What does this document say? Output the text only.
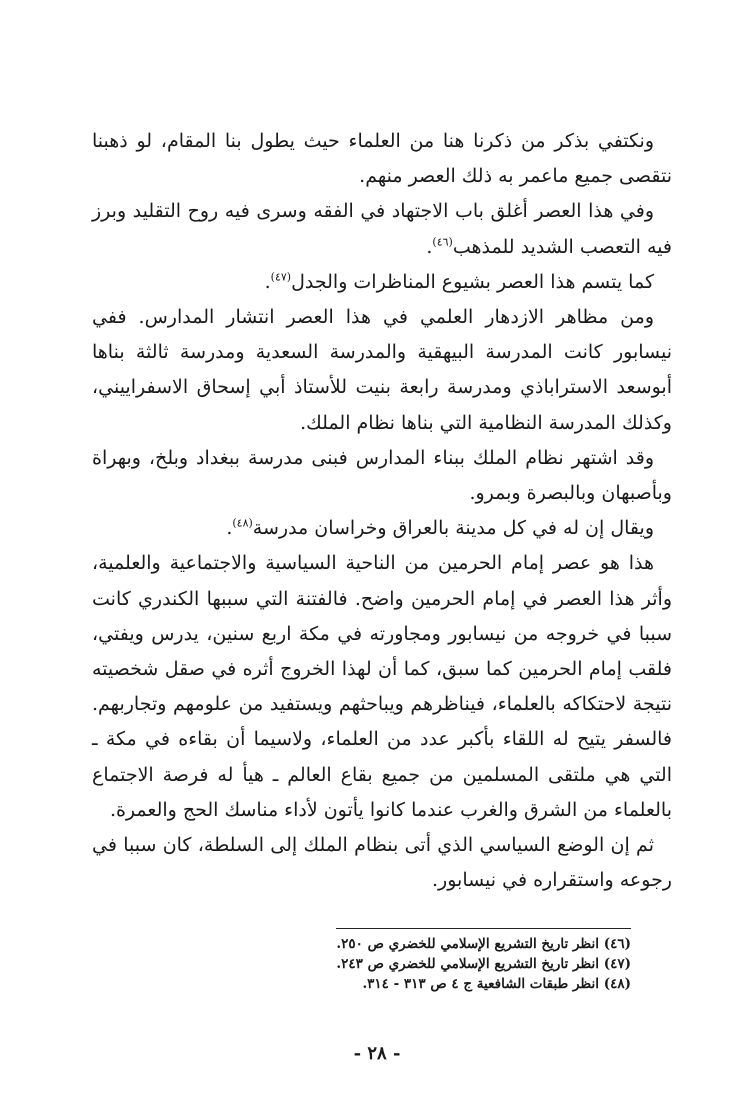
ونكتفي بذكر من ذكرنا هنا من العلماء حيث يطول بنا المقام، لو ذهبنا نتقصى جميع ماعمر به ذلك العصر منهم.

وفي هذا العصر أغلق باب الاجتهاد في الفقه وسرى فيه روح التقليد وبرز فيه التعصب الشديد للمذهب$^{(٤٦)}$.

كما يتسم هذا العصر بشيوع المناظرات والجدل$^{(٤٧)}$.

ومن مظاهر الازدهار العلمي في هذا العصر انتشار المدارس. ففي نيسابور كانت المدرسة البيهقية والمدرسة السعدية ومدرسة ثالثة بناها أبوسعد الاستراباذي ومدرسة رابعة بنيت للأستاذ أبي إسحاق الاسفراييني، وكذلك المدرسة النظامية التي بناها نظام الملك.

وقد اشتهر نظام الملك ببناء المدارس فبنى مدرسة ببغداد وبلخ، وبهراة وبأصبهان وبالبصرة وبمرو.

ويقال إن له في كل مدينة بالعراق وخراسان مدرسة$^{(٤٨)}$.

هذا هو عصر إمام الحرمين من الناحية السياسية والاجتماعية والعلمية، وأثر هذا العصر في إمام الحرمين واضح. فالفتنة التي سببها الكندري كانت سببا في خروجه من نيسابور ومجاورته في مكة اربع سنين، يدرس ويفتي، فلقب إمام الحرمين كما سبق، كما أن لهذا الخروج أثره في صقل شخصيته نتيجة لاحتكاكه بالعلماء، فيناظرهم ويباحثهم ويستفيد من علومهم وتجاربهم. فالسفر يتيح له اللقاء بأكبر عدد من العلماء، ولاسيما أن بقاءه في مكة ـ التي هي ملتقى المسلمين من جميع بقاع العالم ـ هيأ له فرصة الاجتماع بالعلماء من الشرق والغرب عندما كانوا يأتون لأداء مناسك الحج والعمرة.

ثم إن الوضع السياسي الذي أتى بنظام الملك إلى السلطة، كان سببا في رجوعه واستقراره في نيسابور.

(٤٦) انظر تاريخ التشريع الإسلامي للخضري ص ٢٥٠.
(٤٧) انظر تاريخ التشريع الإسلامي للخضري ص ٢٤٣.
(٤٨) انظر طبقات الشافعية ج ٤ ص ٣١٣ - ٣١٤.
- ٢٨ -
